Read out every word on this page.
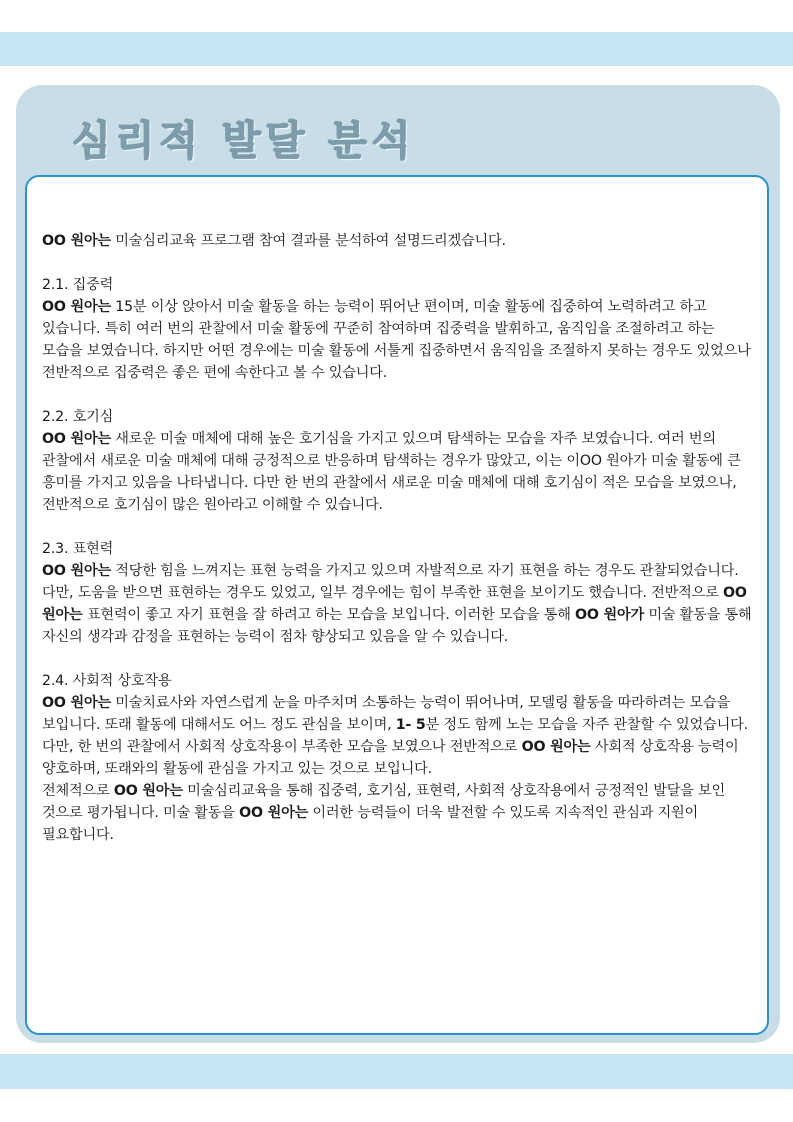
심리적 발달 분석

OO 원아는 미술심리교육 프로그램 참여 결과를 분석하여 설명드리겠습니다.

2.1. 집중력

OO 원아는 15분 이상 앉아서 미술 활동을 하는 능력이 뛰어난 편이며, 미술 활동에 집중하여 노력하려고 하고 있습니다. 특히 여러 번의 관찰에서 미술 활동에 꾸준히 참여하며 집중력을 발휘하고, 움직임을 조절하려고 하는 모습을 보였습니다. 하지만 어떤 경우에는 미술 활동에 서툴게 집중하면서 움직임을 조절하지 못하는 경우도 있었으나 전반적으로 집중력은 좋은 편에 속한다고 볼 수 있습니다.

2.2. 호기심

OO 원아는 새로운 미술 매체에 대해 높은 호기심을 가지고 있으며 탐색하는 모습을 자주 보였습니다. 여러 번의 관찰에서 새로운 미술 매체에 대해 긍정적으로 반응하며 탐색하는 경우가 많았고, 이는 이OO 원아가 미술 활동에 큰 흥미를 가지고 있음을 나타냅니다. 다만 한 번의 관찰에서 새로운 미술 매체에 대해 호기심이 적은 모습을 보였으나, 전반적으로 호기심이 많은 원아라고 이해할 수 있습니다.

2.3. 표현력

OO 원아는 적당한 힘을 느껴지는 표현 능력을 가지고 있으며 자발적으로 자기 표현을 하는 경우도 관찰되었습니다. 다만, 도움을 받으면 표현하는 경우도 있었고, 일부 경우에는 힘이 부족한 표현을 보이기도 했습니다. 전반적으로 OO 원아는 표현력이 좋고 자기 표현을 잘 하려고 하는 모습을 보입니다. 이러한 모습을 통해 OO 원아가 미술 활동을 통해 자신의 생각과 감정을 표현하는 능력이 점차 향상되고 있음을 알 수 있습니다.

2.4. 사회적 상호작용

OO 원아는 미술치료사와 자연스럽게 눈을 마주치며 소통하는 능력이 뛰어나며, 모델링 활동을 따라하려는 모습을 보입니다. 또래 활동에 대해서도 어느 정도 관심을 보이며, 1- 5분 정도 함께 노는 모습을 자주 관찰할 수 있었습니다. 다만, 한 번의 관찰에서 사회적 상호작용이 부족한 모습을 보였으나 전반적으로 OO 원아는 사회적 상호작용 능력이 양호하며, 또래와의 활동에 관심을 가지고 있는 것으로 보입니다.

전체적으로 OO 원아는 미술심리교육을 통해 집중력, 호기심, 표현력, 사회적 상호작용에서 긍정적인 발달을 보인 것으로 평가됩니다. 미술 활동을 OO 원아는 이러한 능력들이 더욱 발전할 수 있도록 지속적인 관심과 지원이 필요합니다.
